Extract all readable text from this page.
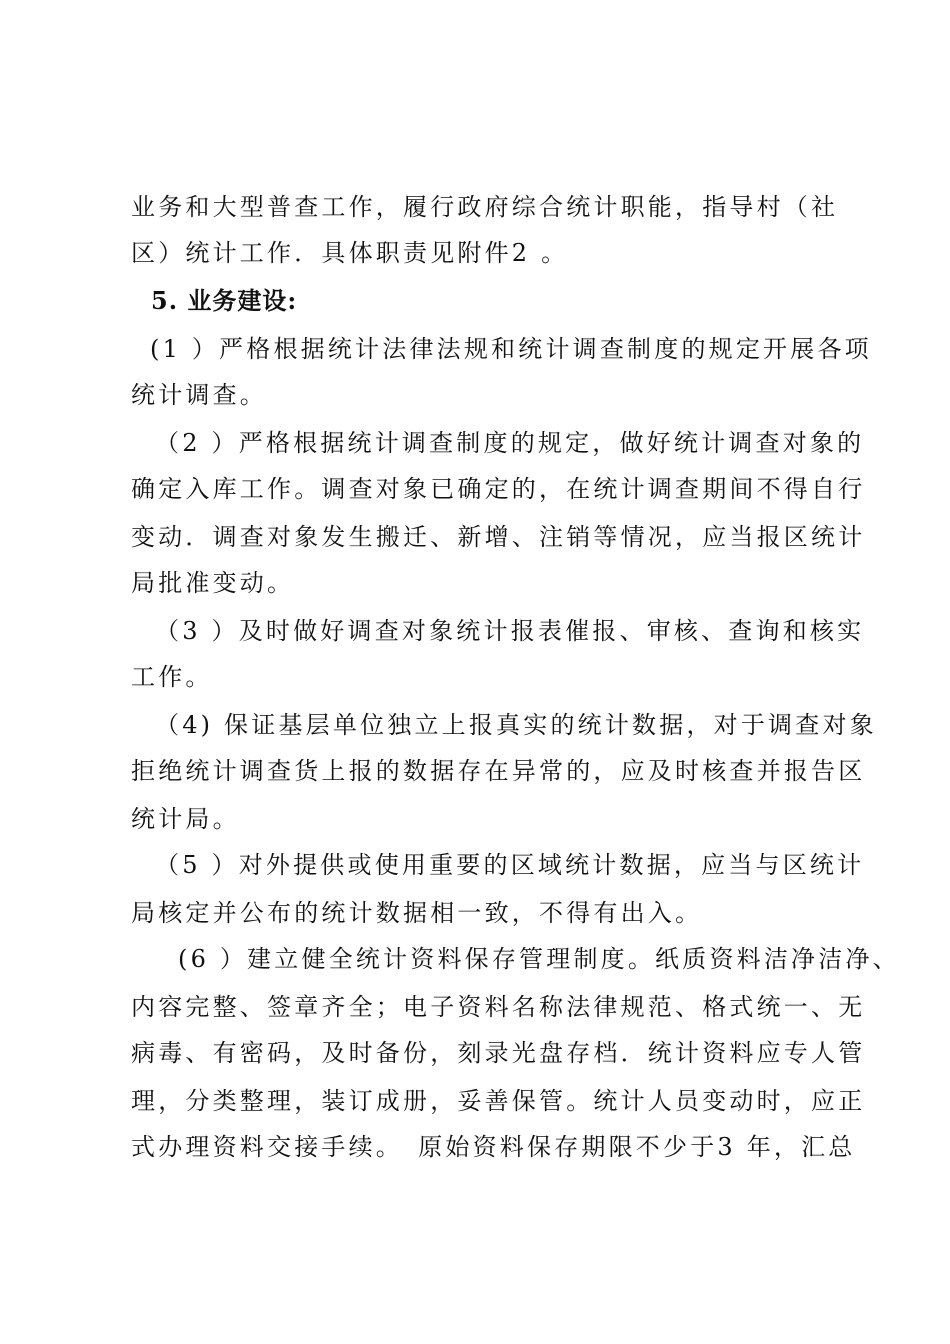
业务和大型普查工作，履行政府综合统计职能，指导村（社
区）统计工作．具体职责见附件2 。
5. 业务建设:
(1 ）严格根据统计法律法规和统计调查制度的规定开展各项
统计调查。
（2 ）严格根据统计调查制度的规定，做好统计调查对象的
确定入库工作。调查对象已确定的，在统计调查期间不得自行
变动．调查对象发生搬迁、新增、注销等情况，应当报区统计
局批准变动。
（3 ）及时做好调查对象统计报表催报、审核、查询和核实
工作。
（4) 保证基层单位独立上报真实的统计数据，对于调查对象
拒绝统计调查货上报的数据存在异常的，应及时核查并报告区
统计局。
（5 ）对外提供或使用重要的区域统计数据，应当与区统计
局核定并公布的统计数据相一致，不得有出入。
(6 ）建立健全统计资料保存管理制度。纸质资料洁净洁净、
内容完整、签章齐全；电子资料名称法律规范、格式统一、无
病毒、有密码，及时备份，刻录光盘存档．统计资料应专人管
理，分类整理，装订成册，妥善保管。统计人员变动时，应正
式办理资料交接手续。　原始资料保存期限不少于3 年，汇总
